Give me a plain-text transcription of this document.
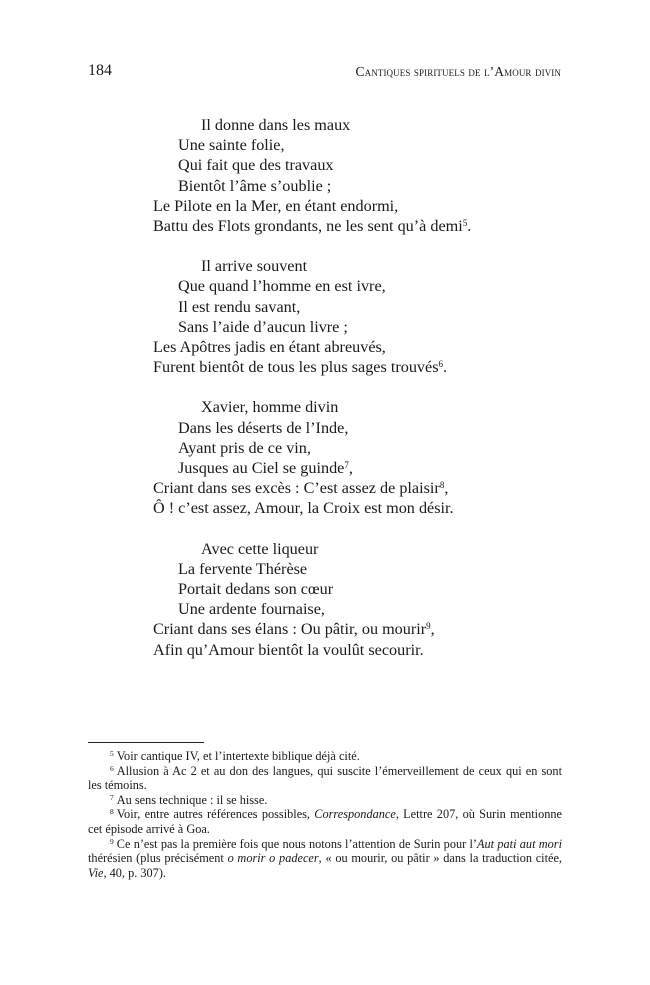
184	Cantiques spirituels de l’Amour divin
Il donne dans les maux
Une sainte folie,
Qui fait que des travaux
Bientôt l’âme s’oublie ;
Le Pilote en la Mer, en étant endormi,
Battu des Flots grondants, ne les sent qu’à demi$^5$.
Il arrive souvent
Que quand l’homme en est ivre,
Il est rendu savant,
Sans l’aide d’aucun livre ;
Les Apôtres jadis en étant abreuvés,
Furent bientôt de tous les plus sages trouvés$^6$.
Xavier, homme divin
Dans les déserts de l’Inde,
Ayant pris de ce vin,
Jusques au Ciel se guinde$^7$,
Criant dans ses excès : C’est assez de plaisir$^8$,
Ô ! c’est assez, Amour, la Croix est mon désir.
Avec cette liqueur
La fervente Thérèse
Portait dedans son cœur
Une ardente fournaise,
Criant dans ses élans : Ou pâtir, ou mourir$^9$,
Afin qu’Amour bientôt la voulût secourir.

$^5$ Voir cantique IV, et l’intertexte biblique déjà cité.

$^6$ Allusion à Ac 2 et au don des langues, qui suscite l’émerveillement de ceux qui en sont les témoins.

$^7$ Au sens technique : il se hisse.

$^8$ Voir, entre autres références possibles, Correspondance, Lettre 207, où Surin mentionne cet épisode arrivé à Goa.

$^9$ Ce n’est pas la première fois que nous notons l’attention de Surin pour l’Aut pati aut mori thérésien (plus précisément o morir o padecer, « ou mourir, ou pâtir » dans la traduction citée, Vie, 40, p. 307).
